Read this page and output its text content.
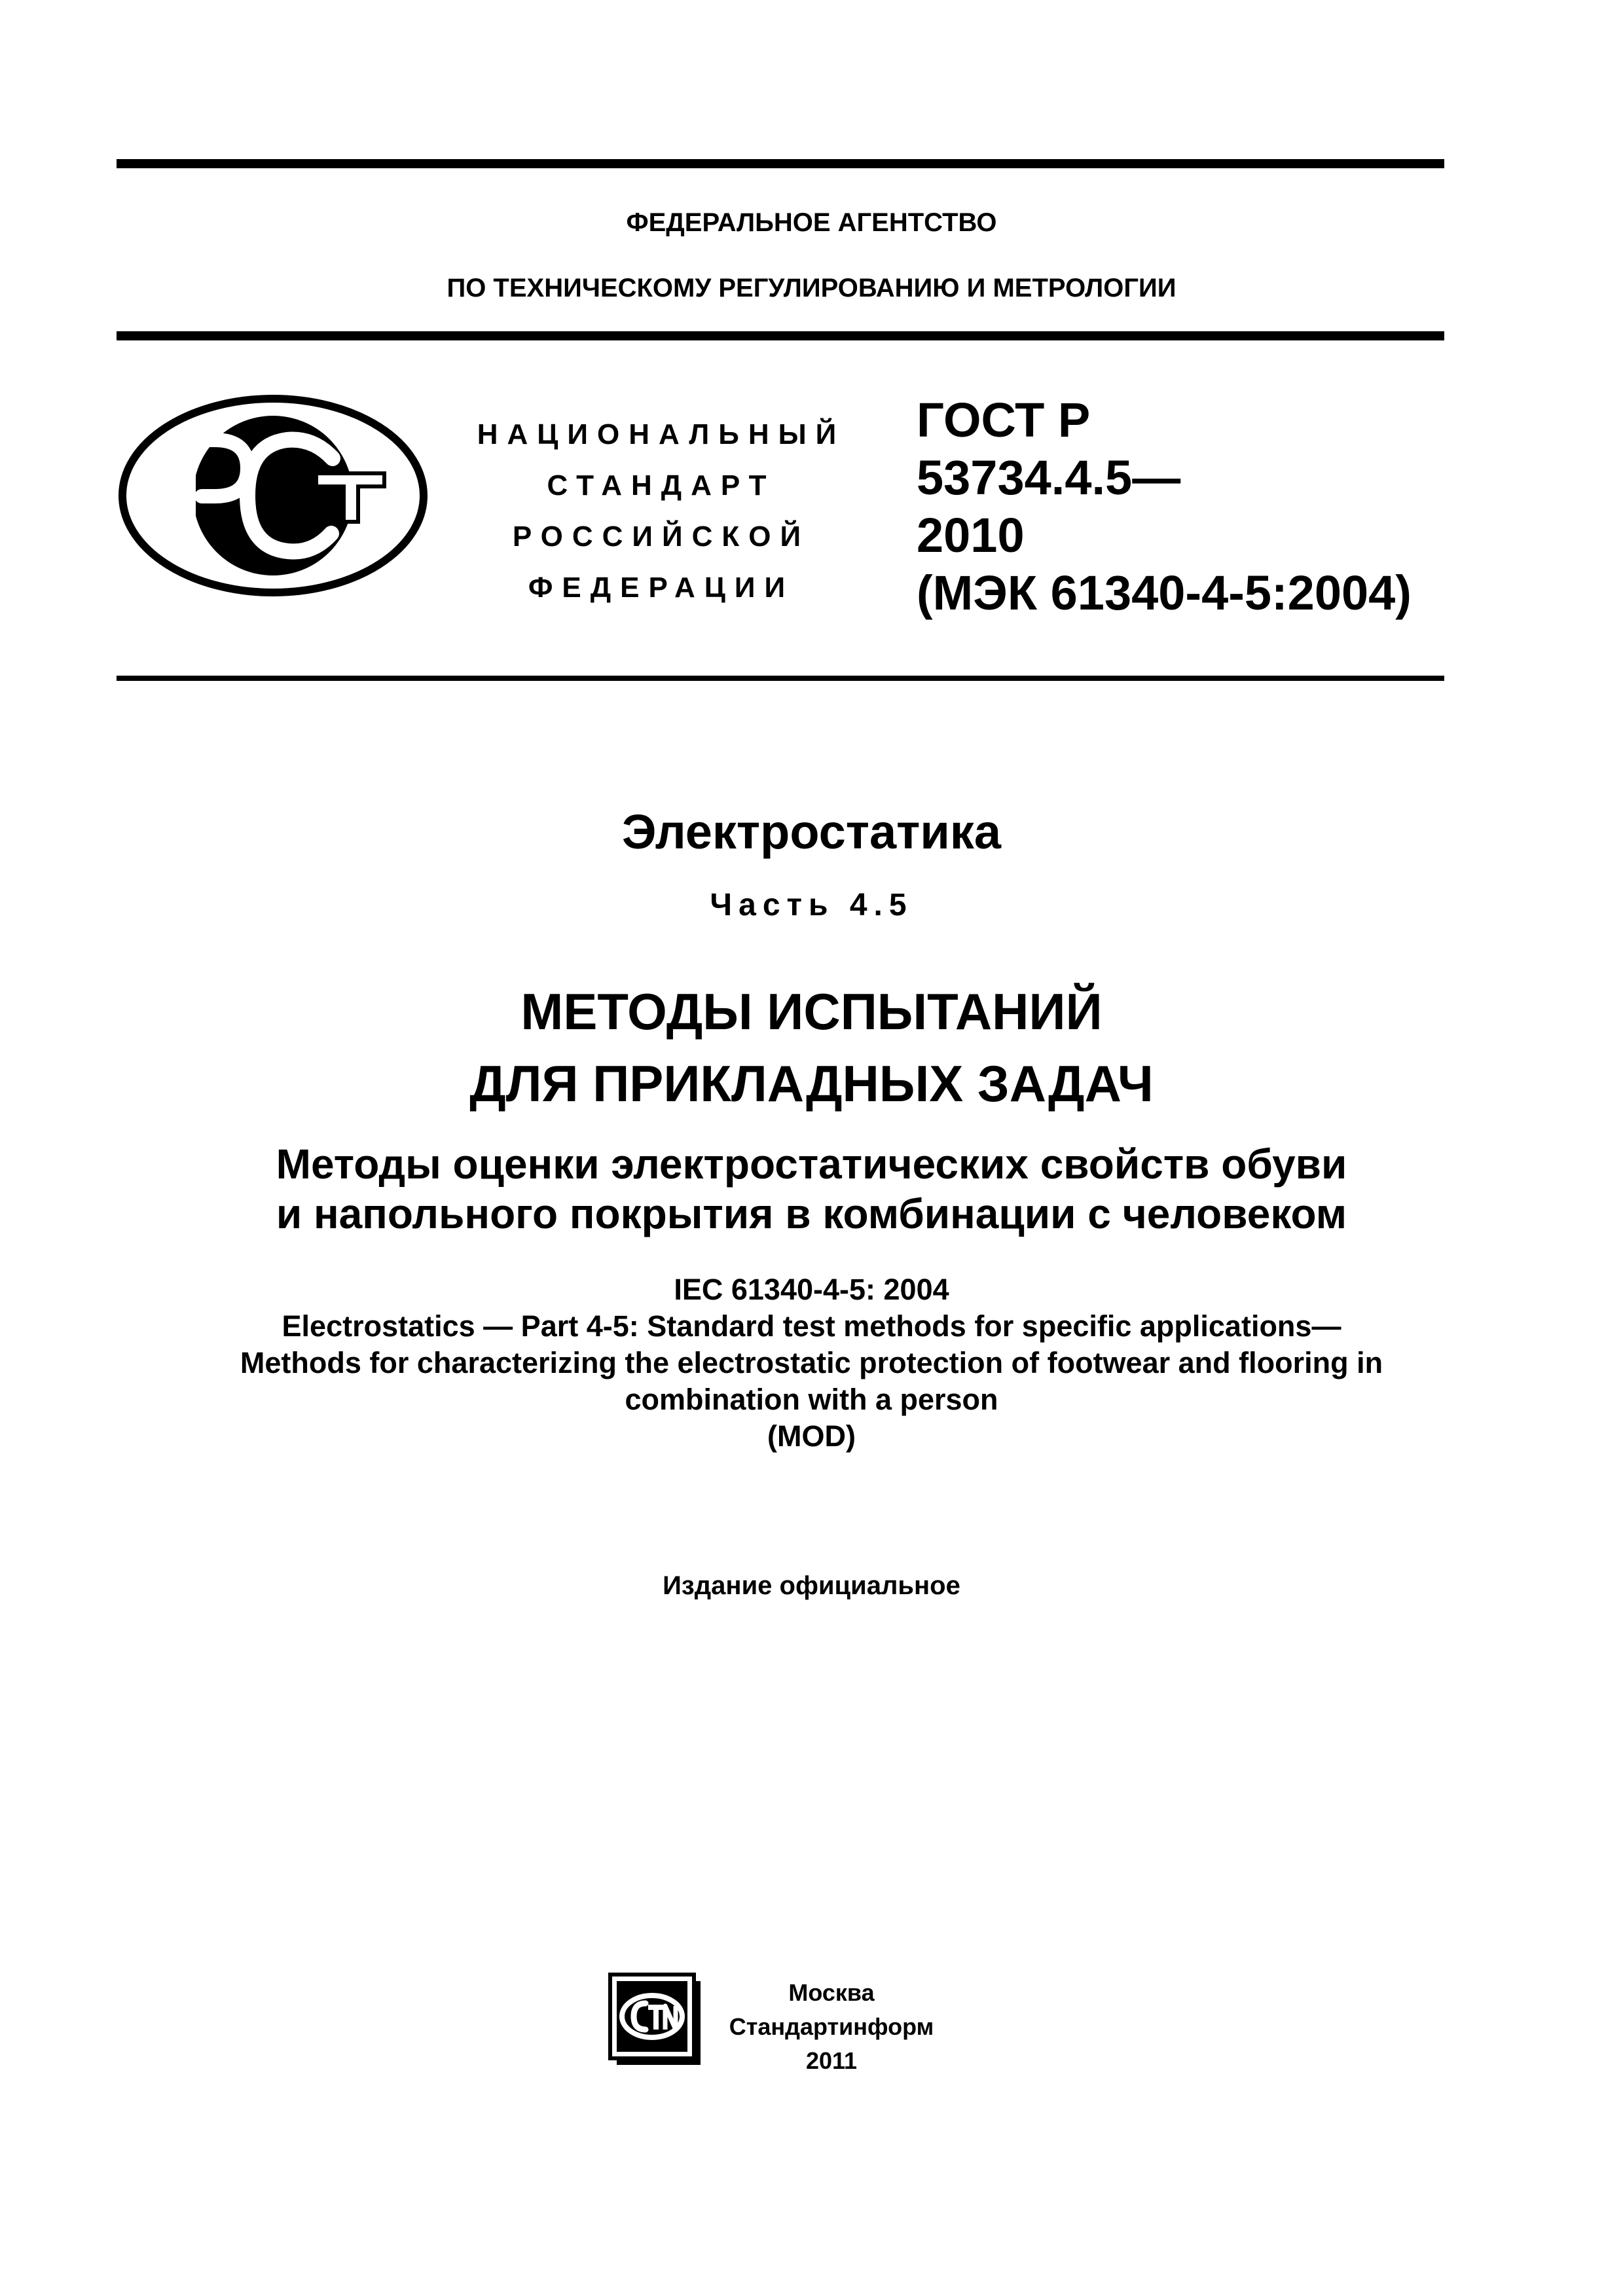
ФЕДЕРАЛЬНОЕ АГЕНТСТВО
ПО ТЕХНИЧЕСКОМУ РЕГУЛИРОВАНИЮ И МЕТРОЛОГИИ
НАЦИОНАЛЬНЫЙ
СТАНДАРТ
РОССИЙСКОЙ
ФЕДЕРАЦИИ
ГОСТ Р
53734.4.5—
2010
(МЭК 61340-4-5:2004)
Электростатика
Часть 4.5
МЕТОДЫ ИСПЫТАНИЙ
ДЛЯ ПРИКЛАДНЫХ ЗАДАЧ
Методы оценки электростатических свойств обуви
и напольного покрытия в комбинации с человеком
IEC 61340-4-5: 2004
Electrostatics — Part 4-5: Standard test methods for specific applications—
Methods for characterizing the electrostatic protection of footwear and flooring in
combination with a person
(MOD)
Издание официальное
Москва
Стандартинформ
2011
